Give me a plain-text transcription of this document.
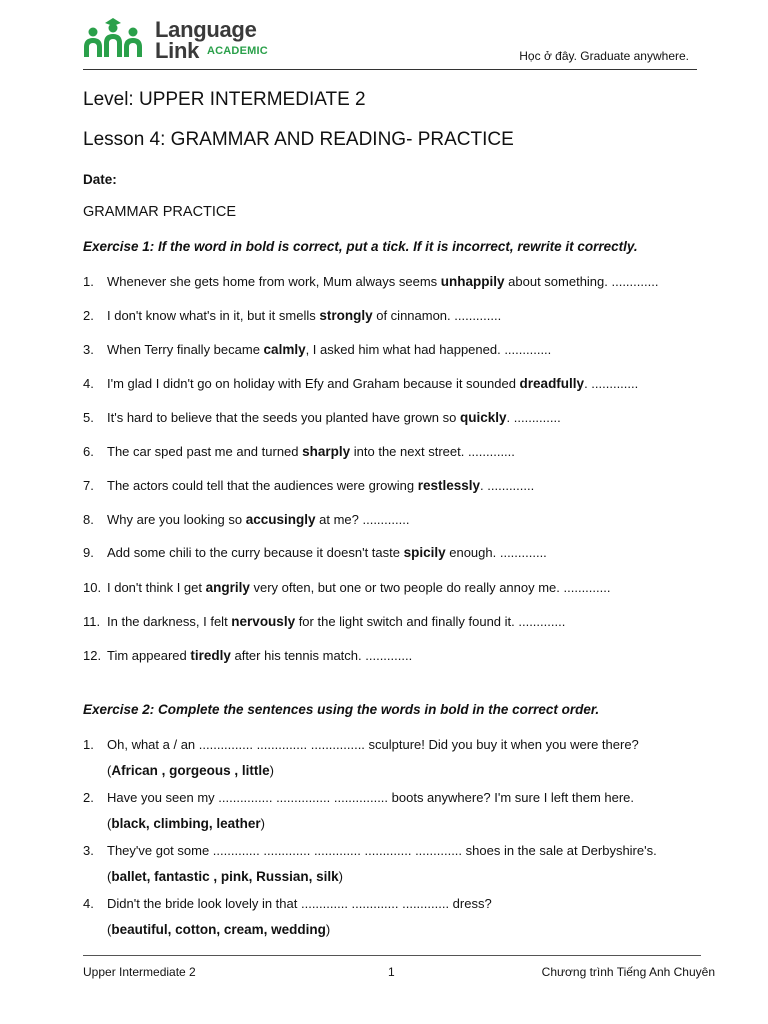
Language
Link ACADEMIC	Học ở đây. Graduate anywhere.
Level: UPPER INTERMEDIATE 2
Lesson 4: GRAMMAR AND READING- PRACTICE
Date:
GRAMMAR PRACTICE
Exercise 1: If the word in bold is correct, put a tick. If it is incorrect, rewrite it correctly.
1. Whenever she gets home from work, Mum always seems unhappily about something. .............
2. I don't know what's in it, but it smells strongly of cinnamon. .............
3. When Terry finally became calmly, I asked him what had happened. .............
4. I'm glad I didn't go on holiday with Efy and Graham because it sounded dreadfully. .............
5. It's hard to believe that the seeds you planted have grown so quickly. .............
6. The car sped past me and turned sharply into the next street. .............
7. The actors could tell that the audiences were growing restlessly. .............
8. Why are you looking so accusingly at me? .............
9. Add some chili to the curry because it doesn't taste spicily enough. .............
10. I don't think I get angrily very often, but one or two people do really annoy me. .............
11. In the darkness, I felt nervously for the light switch and finally found it. .............
12. Tim appeared tiredly after his tennis match. .............
Exercise 2: Complete the sentences using the words in bold in the correct order.
1. Oh, what a / an ............... .............. ............... sculpture! Did you buy it when you were there?
(African , gorgeous , little)
2. Have you seen my ............... ............... ............... boots anywhere? I'm sure I left them here.
(black, climbing, leather)
3. They've got some ............. ............. ............. ............. ............. shoes in the sale at Derbyshire's.
(ballet, fantastic , pink, Russian, silk)
4. Didn't the bride look lovely in that ............. ............. ............. dress?
(beautiful, cotton, cream, wedding)
Upper Intermediate 2	1	Chương trình Tiếng Anh Chuyên
